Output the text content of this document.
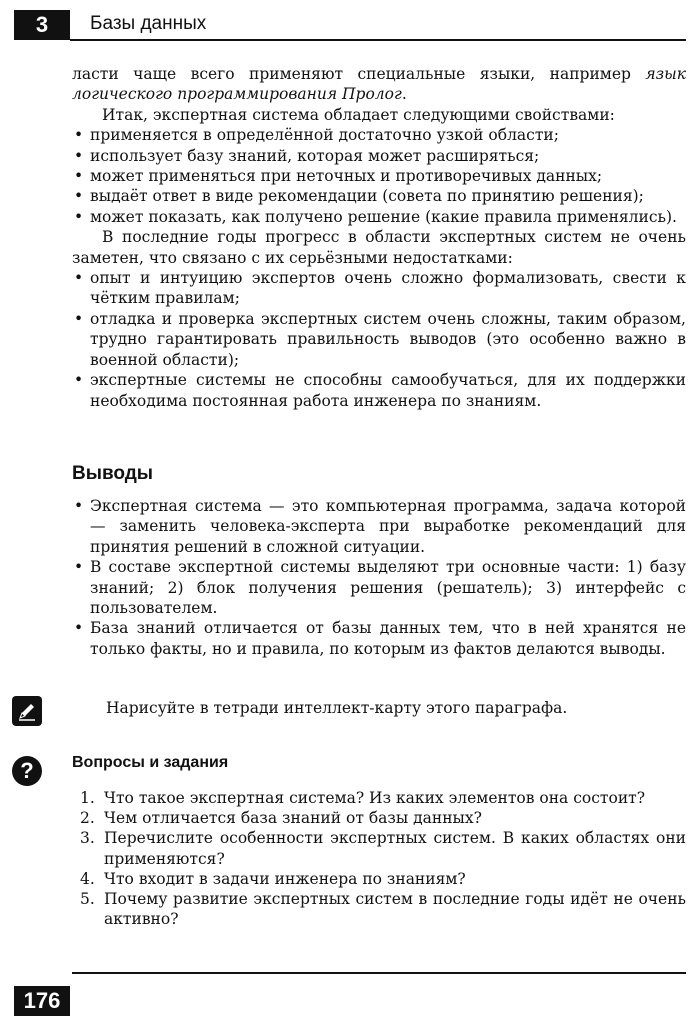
3	Базы данных

ласти чаще всего применяют специальные языки, например язык логического программирования Пролог.

Итак, экспертная система обладает следующими свойствами:

• применяется в определённой достаточно узкой области;
• использует базу знаний, которая может расширяться;
• может применяться при неточных и противоречивых данных;
• выдаёт ответ в виде рекомендации (совета по принятию решения);
• может показать, как получено решение (какие правила применялись).

В последние годы прогресс в области экспертных систем не очень заметен, что связано с их серьёзными недостатками:

• опыт и интуицию экспертов очень сложно формализовать, свести к чётким правилам;
• отладка и проверка экспертных систем очень сложны, таким образом, трудно гарантировать правильность выводов (это особенно важно в военной области);
• экспертные системы не способны самообучаться, для их поддержки необходима постоянная работа инженера по знаниям.
Выводы
• Экспертная система — это компьютерная программа, задача которой — заменить человека-эксперта при выработке рекомендаций для принятия решений в сложной ситуации.
• В составе экспертной системы выделяют три основные части: 1) базу знаний; 2) блок получения решения (решатель); 3) интерфейс с пользователем.
• База знаний отличается от базы данных тем, что в ней хранятся не только факты, но и правила, по которым из фактов делаются выводы.
Нарисуйте в тетради интеллект-карту этого параграфа.
?	Вопросы и задания
1. Что такое экспертная система? Из каких элементов она состоит?
2. Чем отличается база знаний от базы данных?
3. Перечислите особенности экспертных систем. В каких областях они применяются?
4. Что входит в задачи инженера по знаниям?
5. Почему развитие экспертных систем в последние годы идёт не очень активно?
176
